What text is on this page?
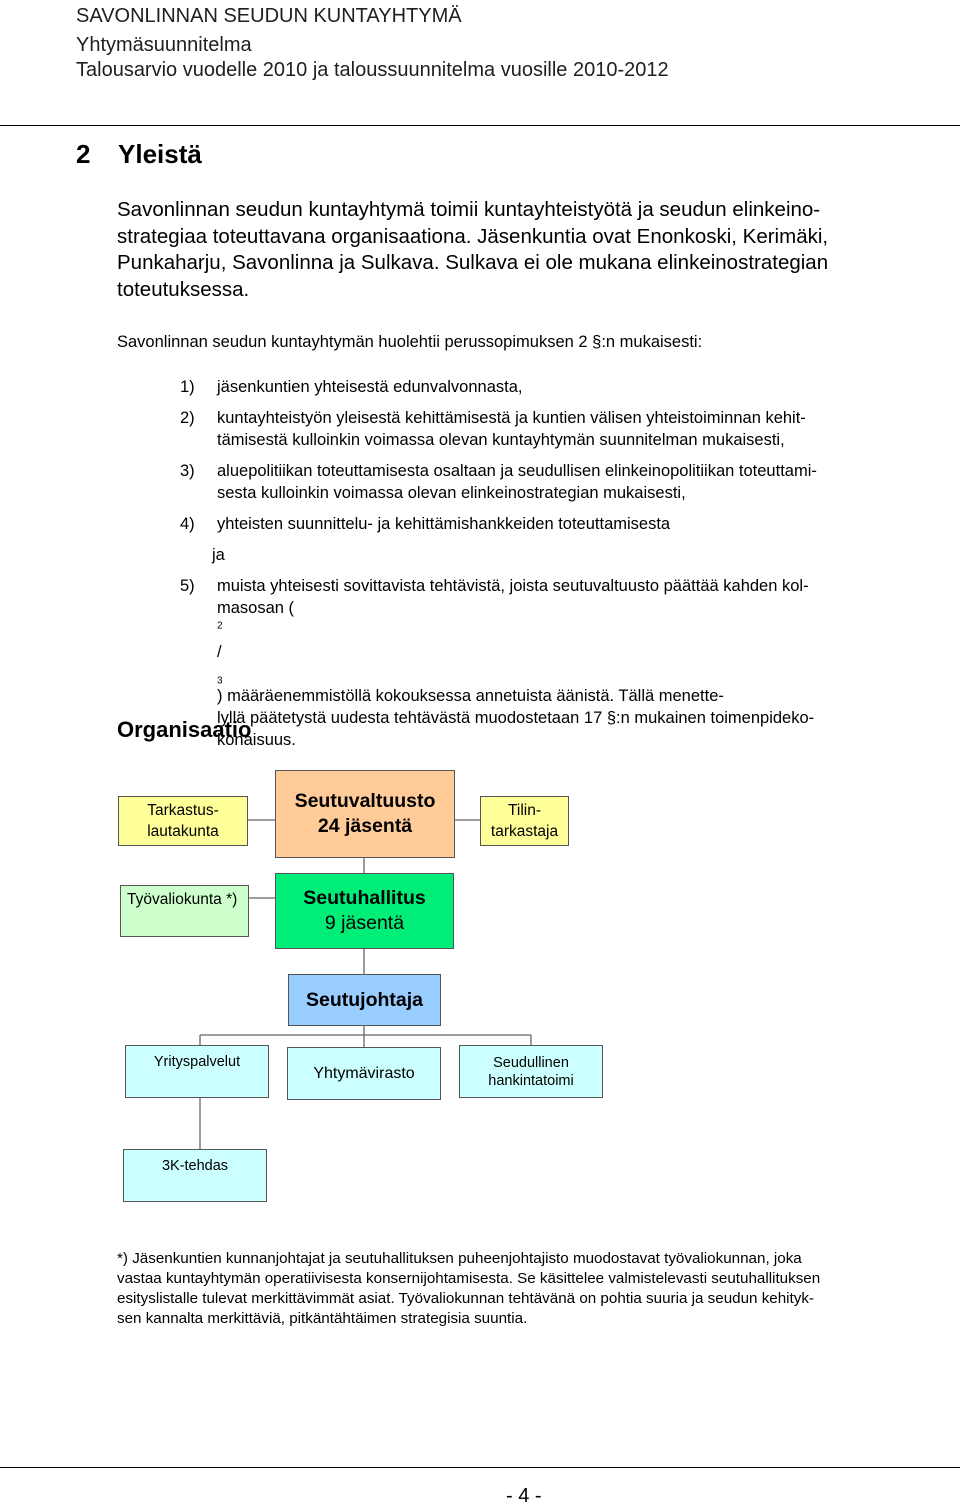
SAVONLINNAN SEUDUN KUNTAYHTYMÄ
Yhtymäsuunnitelma
Talousarvio vuodelle 2010 ja taloussuunnitelma vuosille 2010-2012
2 Yleistä
Savonlinnan seudun kuntayhtymä toimii kuntayhteistyötä ja seudun elinkeino-
strategiaa toteuttavana organisaationa. Jäsenkuntia ovat Enonkoski, Kerimäki,
Punkaharju, Savonlinna ja Sulkava. Sulkava ei ole mukana elinkeinostrategian
toteutuksessa.
Savonlinnan seudun kuntayhtymän huolehtii perussopimuksen 2 §:n mukaisesti:
1) jäsenkuntien yhteisestä edunvalvonnasta,
2) kuntayhteistyön yleisestä kehittämisestä ja kuntien välisen yhteistoiminnan kehit-
tämisestä kulloinkin voimassa olevan kuntayhtymän suunnitelman mukaisesti,
3) aluepolitiikan toteuttamisesta osaltaan ja seudullisen elinkeinopolitiikan toteuttami-
sesta kulloinkin voimassa olevan elinkeinostrategian mukaisesti,
4) yhteisten suunnittelu- ja kehittämishankkeiden toteuttamisesta
ja
5) muista yhteisesti sovittavista tehtävistä, joista seutuvaltuusto päättää kahden kol-
masosan (
$^2$
/
$_3$
) määräenemmistöllä kokouksessa annetuista äänistä. Tällä menette-
lyllä päätetystä uudesta tehtävästä muodostetaan 17 §:n mukainen toimenpideko-
konaisuus.
Organisaatio
Tarkastus-
lautakunta
Seutuvaltuusto
24 jäsentä
Tilin-
tarkastaja
Työvaliokunta *)	Seutuhallitus
9 jäsentä
Seutujohtaja
Yrityspalvelut
Yhtymävirasto
Seudullinen
hankintatoimi
3K-tehdas
*) Jäsenkuntien kunnanjohtajat ja seutuhallituksen puheenjohtajisto muodostavat työvaliokunnan, joka
vastaa kuntayhtymän operatiivisesta konsernijohtamisesta. Se käsittelee valmistelevasti seutuhallituksen
esityslistalle tulevat merkittävimmät asiat. Työvaliokunnan tehtävänä on pohtia suuria ja seudun kehityk-
sen kannalta merkittäviä, pitkäntähtäimen strategisia suuntia.
- 4 -
